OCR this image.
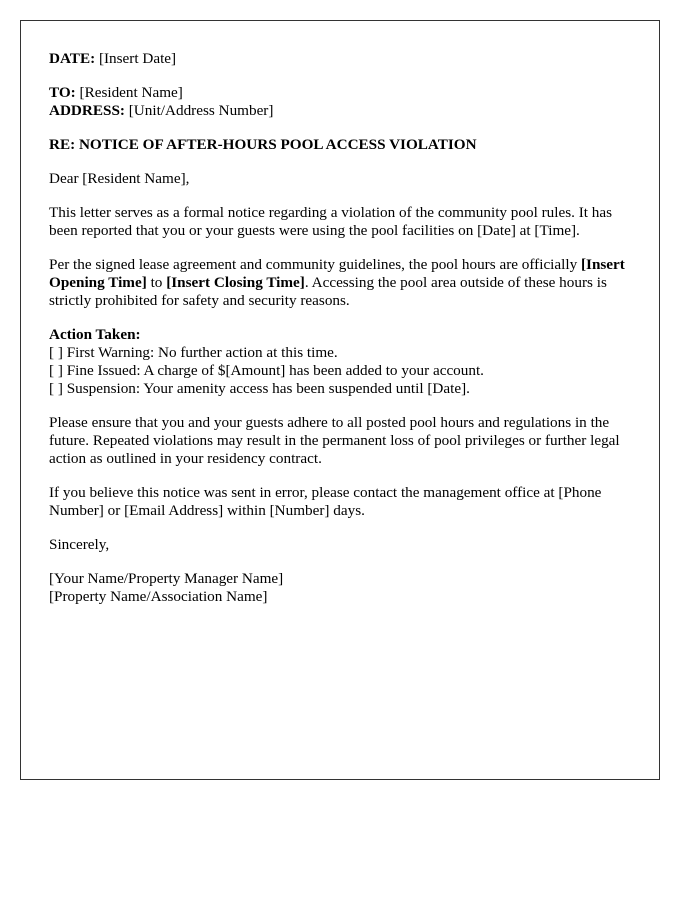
DATE: [Insert Date]

TO: [Resident Name]
ADDRESS: [Unit/Address Number]

RE: NOTICE OF AFTER-HOURS POOL ACCESS VIOLATION

Dear [Resident Name],

This letter serves as a formal notice regarding a violation of the community pool rules. It has been reported that you or your guests were using the pool facilities on [Date] at [Time].

Per the signed lease agreement and community guidelines, the pool hours are officially [Insert Opening Time] to [Insert Closing Time]. Accessing the pool area outside of these hours is strictly prohibited for safety and security reasons.

Action Taken:
[ ] First Warning: No further action at this time.
[ ] Fine Issued: A charge of $[Amount] has been added to your account.
[ ] Suspension: Your amenity access has been suspended until [Date].

Please ensure that you and your guests adhere to all posted pool hours and regulations in the future. Repeated violations may result in the permanent loss of pool privileges or further legal action as outlined in your residency contract.

If you believe this notice was sent in error, please contact the management office at [Phone Number] or [Email Address] within [Number] days.

Sincerely,

[Your Name/Property Manager Name]
[Property Name/Association Name]
